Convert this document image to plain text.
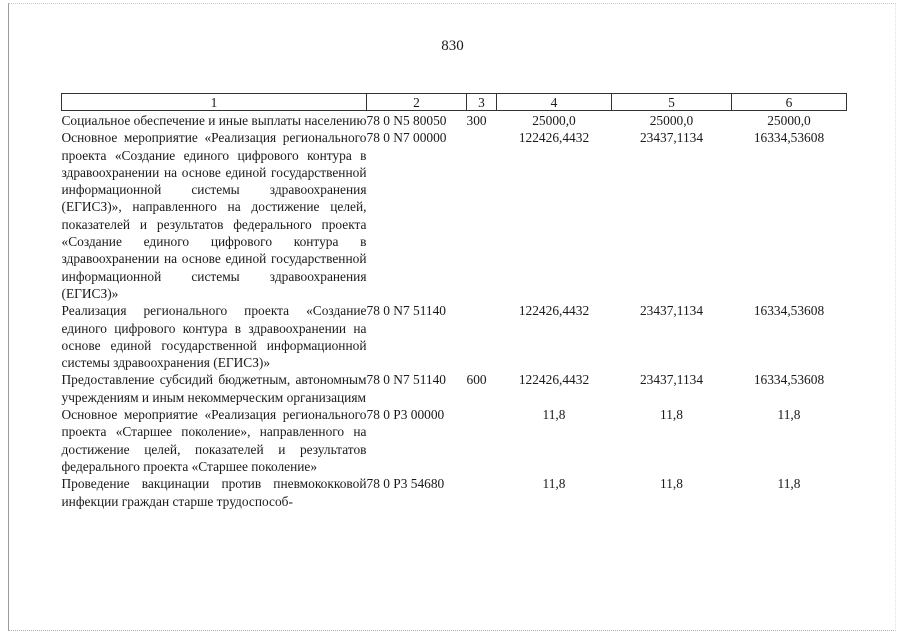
830
1	2	3	4	5	6
Социальное обеспечение и иные выплаты населению	78 0 N5 80050	300	25000,0	25000,0	25000,0
Основное мероприятие «Реализация регионального проекта «Создание единого цифрового контура в здравоохранении на основе единой государственной информационной системы здравоохранения (ЕГИСЗ)», направленного на достижение целей, показателей и результатов федерального проекта «Создание единого цифрового контура в здравоохранении на основе единой государственной информационной системы здравоохранения (ЕГИСЗ)»	78 0 N7 00000		122426,4432	23437,1134	16334,53608
Реализация регионального проекта «Создание единого цифрового контура в здравоохранении на основе единой государственной информационной системы здравоохранения (ЕГИСЗ)»	78 0 N7 51140		122426,4432	23437,1134	16334,53608
Предоставление субсидий бюджетным, автономным учреждениям и иным некоммерческим организациям	78 0 N7 51140	600	122426,4432	23437,1134	16334,53608
Основное мероприятие «Реализация регионального проекта «Старшее поколение», направленного на достижение целей, показателей и результатов федерального проекта «Старшее поколение»	78 0 P3 00000		11,8	11,8	11,8
Проведение вакцинации против пневмококковой инфекции граждан старше трудоспособ-	78 0 P3 54680		11,8	11,8	11,8
